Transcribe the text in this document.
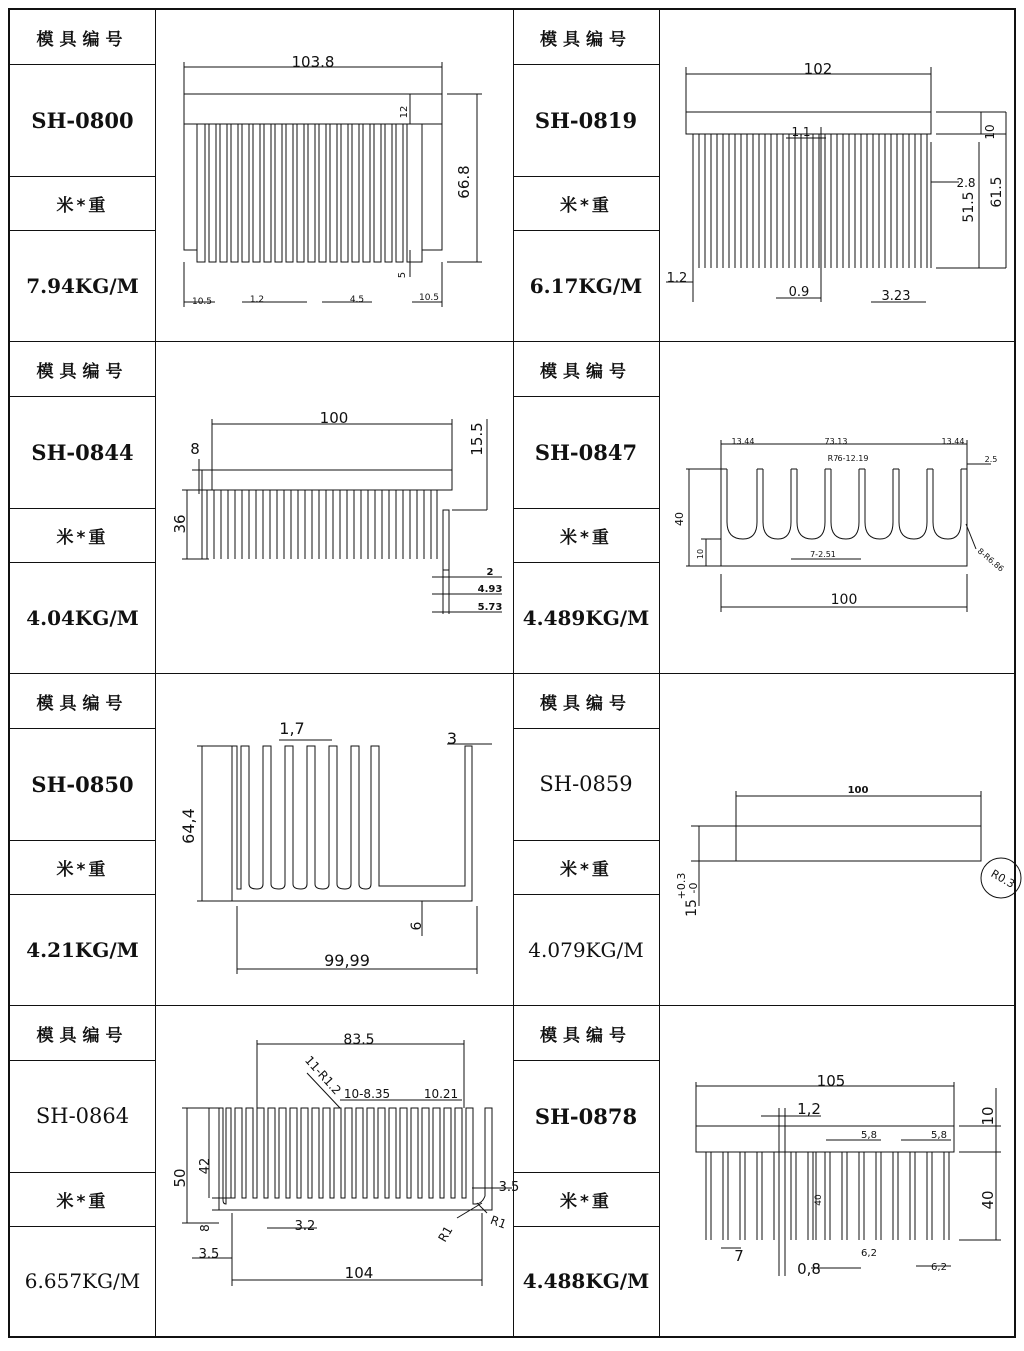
模具编号
SH-0800
米*重
7.94KG/M
模具编号
SH-0819
米*重
6.17KG/M
模具编号
SH-0844
米*重
4.04KG/M
模具编号
SH-0847
米*重
4.489KG/M
模具编号
SH-0850
米*重
4.21KG/M
模具编号
SH-0859
米*重
4.079KG/M
模具编号
SH-0864
米*重
6.657KG/M
模具编号
SH-0878
米*重
4.488KG/M
103.8
66.8
12
5
10.5	10.5
1.2	4.5
102
10
1.1
51.5 61.5
2.8
1.2
0.9	3.23
100
8
36
15.5
2
4.93
5.73
13.44	73.13	13.44
2.5
R7 6-12.19
40
10	7-2.51	8-R6.86
100
1,7
3
64,4
6
99,99
100
15
+0.3 -0	R0.3
83.5
11-R1.2 10-8.35	10.21
50
42
8	3.2
3.5
3.5
104
R1
R1
105
1,2
5,8	5,8
10
40
40
7
0,8
6,2
6,2
